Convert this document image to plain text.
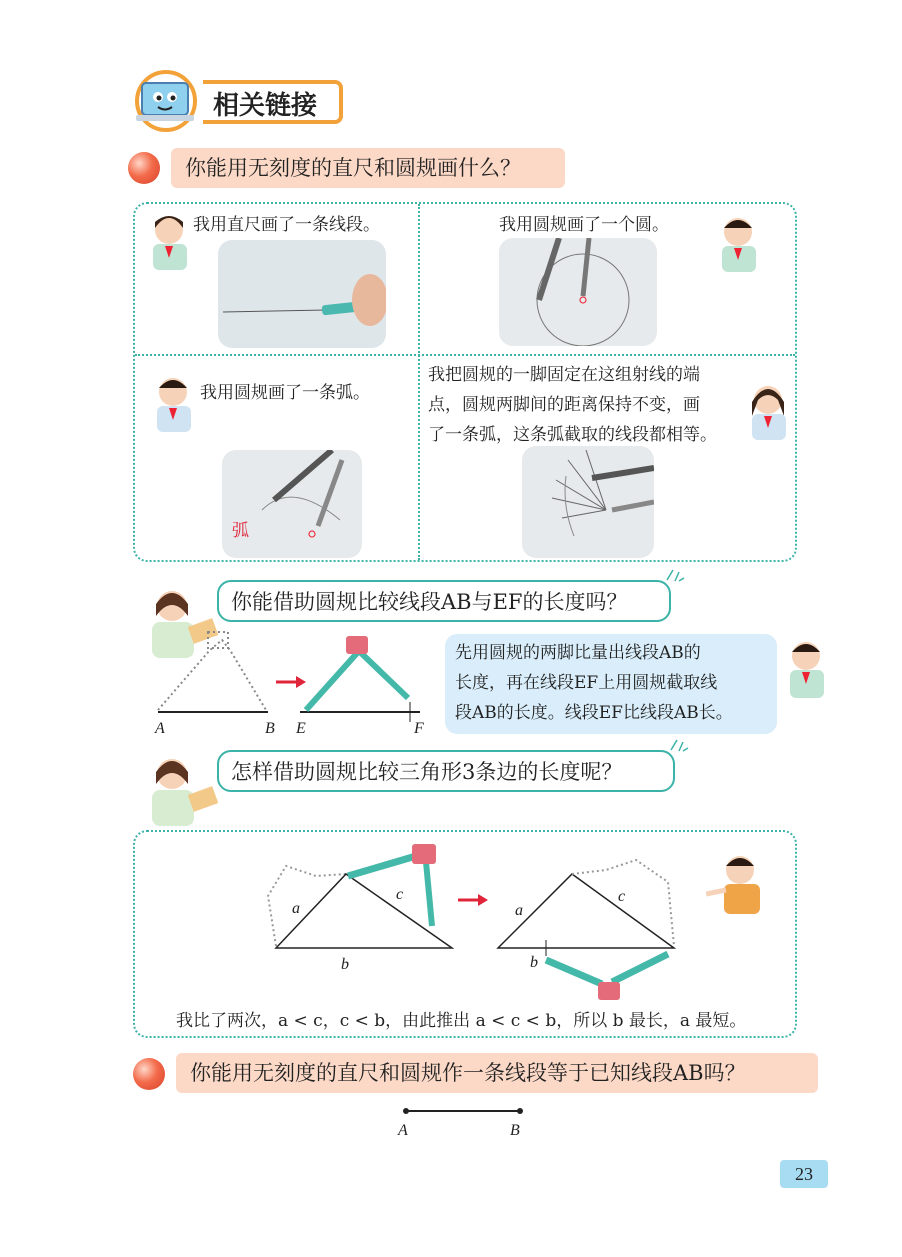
相关链接
你能用无刻度的直尺和圆规画什么？
我用直尺画了一条线段。	我用圆规画了一个圆。
我用圆规画了一条弧。
弧
我把圆规的一脚固定在这组射线的端
点，圆规两脚间的距离保持不变，画
了一条弧，这条弧截取的线段都相等。
你能借助圆规比较线段AB与EF的长度吗？
A	B E	F
先用圆规的两脚比量出线段AB的
长度，再在线段EF上用圆规截取线
段AB的长度。线段EF比线段AB长。
怎样借助圆规比较三角形3条边的长度呢？
a
c
b
a
c
b
我比了两次，a < c，c < b，由此推出 a < c < b，所以 b 最长，a 最短。
你能用无刻度的直尺和圆规作一条线段等于已知线段AB吗？
A	B
23
